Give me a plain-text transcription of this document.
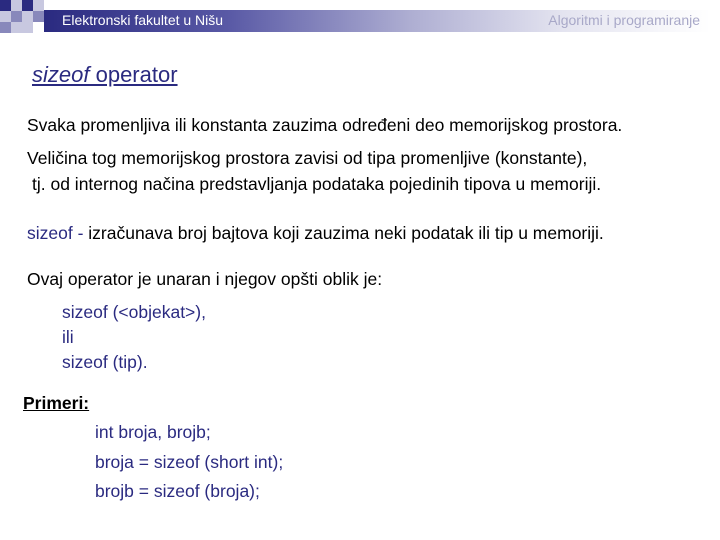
Elektronski fakultet u Nišu	Algoritmi i programiranje
sizeof operator
Svaka promenljiva ili konstanta zauzima određeni deo memorijskog prostora.
Veličina tog memorijskog prostora zavisi od tipa promenljive (konstante),
tj. od internog načina predstavljanja podataka pojedinih tipova u memoriji.
sizeof - izračunava broj bajtova koji zauzima neki podatak ili tip u memoriji.
Ovaj operator je unaran i njegov opšti oblik je:
sizeof (<objekat>),
ili
sizeof (tip).
Primeri:
int broja, brojb;
broja = sizeof (short int);
brojb = sizeof (broja);
